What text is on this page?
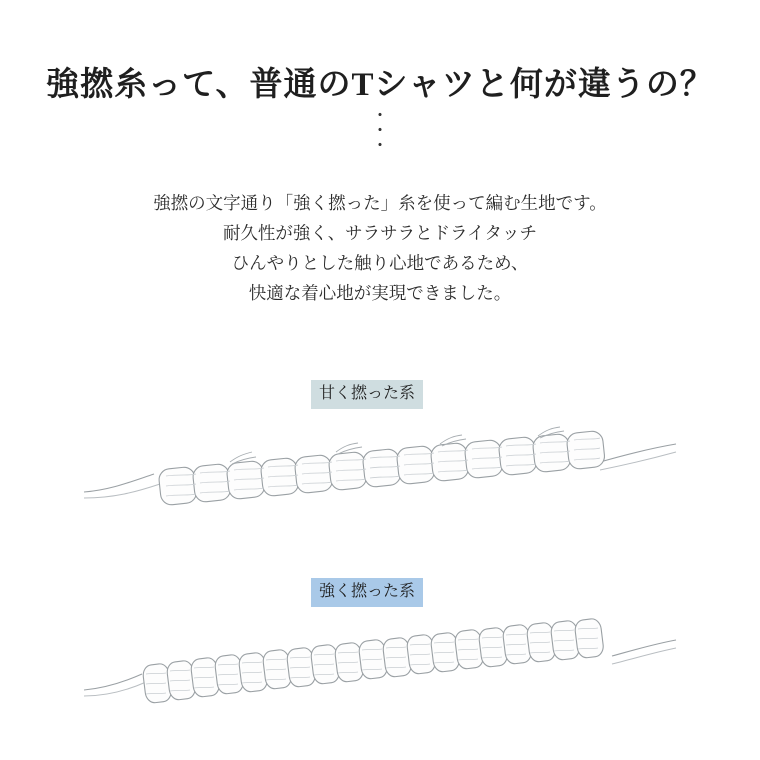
強撚糸って、普通のTシャツと何が違うの？
・
・
・
強撚の文字通り「強く撚った」糸を使って編む生地です。
耐久性が強く、サラサラとドライタッチ
ひんやりとした触り心地であるため、
快適な着心地が実現できました。
甘く撚った系
強く撚った系
